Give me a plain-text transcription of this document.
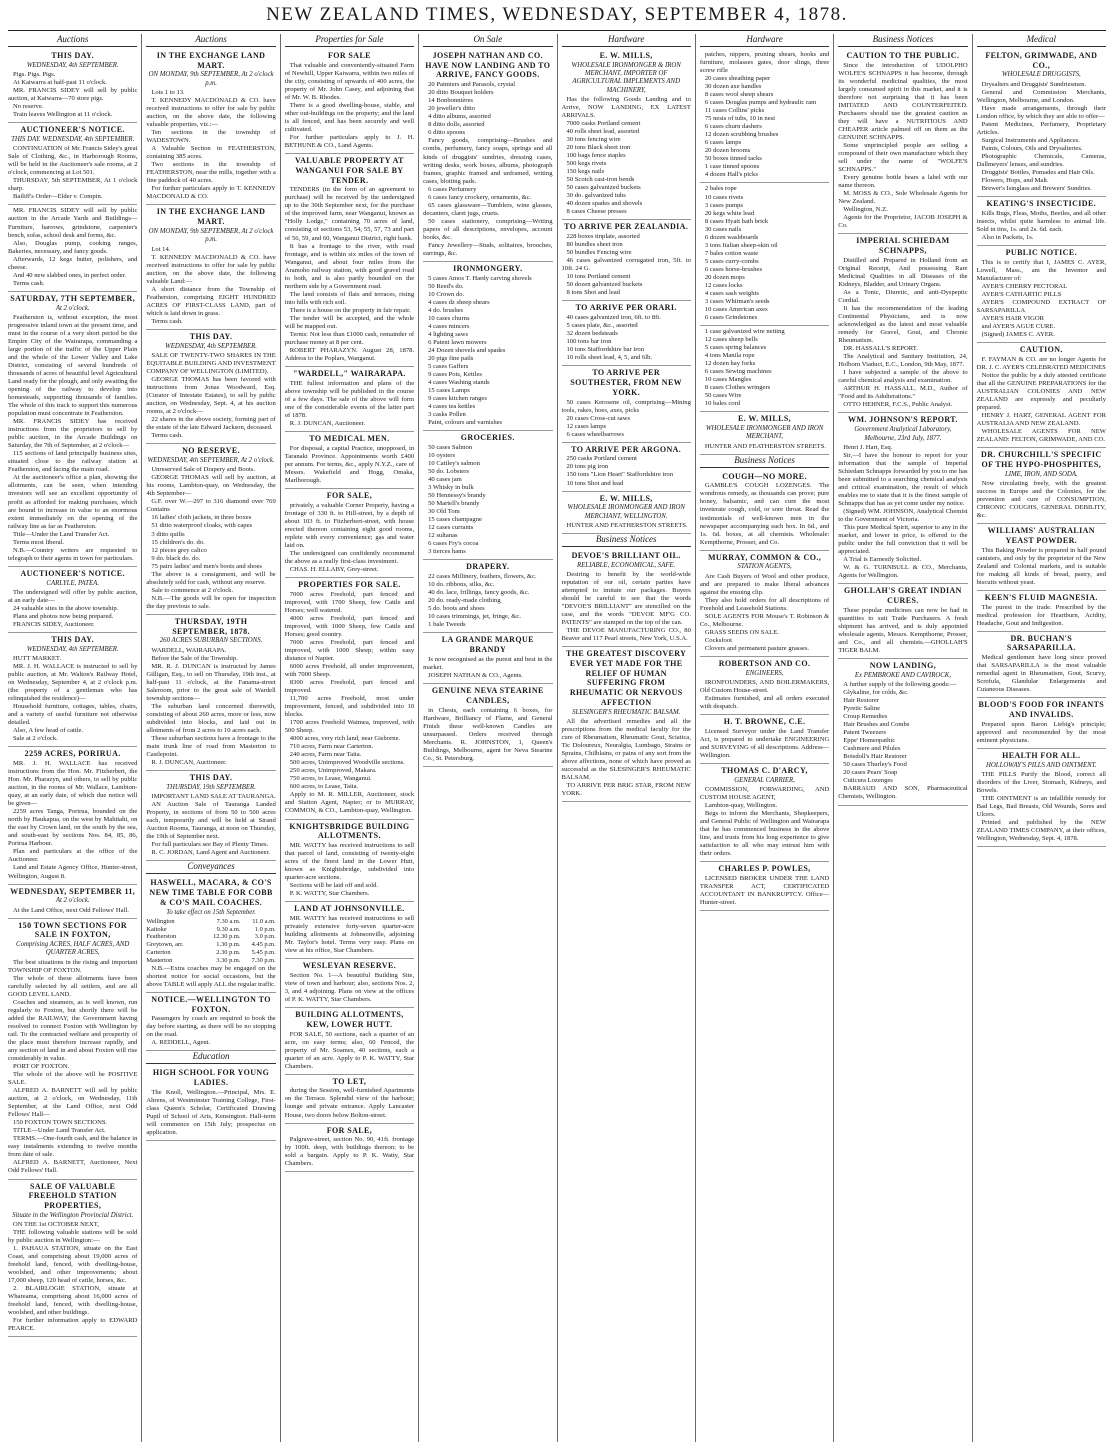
NEW ZEALAND TIMES, WEDNESDAY, SEPTEMBER 4, 1878.
Auctions
THIS DAY.
WEDNESDAY, 4th SEPTEMBER.

Pigs. Pigs. Pigs.

At Kaiwarra at half-past 11 o'clock.

MR. FRANCIS SIDEY will sell by public auction, at Kaiwarra—70 store pigs.

No reserve.

Train leaves Wellington at 11 o'clock.

AUCTIONEER'S NOTICE.
THIS DAY. WEDNESDAY, 4th SEPTEMBER.

CONTINUATION of Mr. Francis Sidey's great Sale of Clothing, &c., in Harborough Rooms, will be held in the Auctioneer's sale rooms, at 2 o'clock, commencing at Lot 501.

THURSDAY, 5th SEPTEMBER, At 1 o'clock sharp.

Bailiff's Order—Elder v. Compin.

MR. FRANCIS SIDEY will sell by public auction in the Arcade Yards and Buildings— Furniture, harrows, grindstone, carpenter's bench, sofas, school desk and forms, &c.

Also, Douglas pump, cooking ranges, Bakeries, necessary, and fancy goods.

Afterwards, 12 kegs butter, polishers, and cheese.

And 40 new slabbed ones, in perfect order.

Terms cash.

SATURDAY, 7TH SEPTEMBER,
At 2 o'clock.

Featherston is, without exception, the most progressive inland town at the present time, and must in the course of a very short period be the Empire City of the Wairarapa, commanding a large portion of the traffic of the Upper Plain and the whole of the Lower Valley and Lake District, consisting of several hundreds of thousands of acres of beautiful level Agricultural Land ready for the plough, and only awaiting the opening of the railway to develop into homesteads, supporting thousands of families. The whole of this track to support this numerous population must concentrate in Featherston.

MR. FRANCIS SIDEY has received instructions from the proprietors to sell by public auction, in the Arcade Buildings on Saturday, the 7th of September, at 2 o'clock—

115 sections of land principally business sites, situated close to the railway station at Featherston, and facing the main road.

At the auctioneer's office a plan, showing the allotments, can be seen, when intending investors will see an excellent opportunity of profit as afforded for making purchases, which are bound to increase in value to an enormous extent immediately on the opening of the railway line as far as Featherston.

Title—Under the Land Transfer Act.

Terms most liberal.

N.B.—Country writers are requested to telegraph to their agents in town for particulars.

AUCTIONEER'S NOTICE.
CARLYLE, PATEA.

The undersigned will offer by public auction, at an early date—

24 valuable sites in the above township.

Plans and photos now being prepared.

FRANCIS SIDEY, Auctioneer.

THIS DAY.
WEDNESDAY, 4th SEPTEMBER.

HUTT MARKET.

MR. J. H. WALLACE is instructed to sell by public auction, at Mr. Walton's Railway Hotel, on Wednesday, September 4, at 2 o'clock p.m. (the property of a gentleman who has relinquished the residence)—

Household furniture, cottages, tables, chairs, and a variety of useful furniture not otherwise detailed.

Also, A few head of cattle.

Sale at 2 o'clock.

2259 ACRES, PORIRUA.

MR. J. H. WALLACE has received instructions from the Hon. Mr. Fitzherbert, the Hon. Mr. Pharazyn, and others, to sell by public auction, in the rooms of Mr. Wallace, Lambton-quay, at an early date, of which due notice will be given—

2259 acres Tanga, Porirua, bounded on the north by Haukapua, on the west by Mahitahi, on the east by Crown land, on the south by the sea, and south-east by sections Nos. 84, 85, 86, Porirua Harbour.

Plan and particulars at the office of the Auctioneer.

Land and Estate Agency Office, Hunter-street, Wellington, August 8.

WEDNESDAY, SEPTEMBER 11,
At 2 o'clock.

At the Land Office, next Odd Fellows' Hall.

150 TOWN SECTIONS FOR SALE IN FOXTON,
Comprising ACRES, HALF ACRES, AND QUARTER ACRES,

The best situations in the rising and important TOWNSHIP OF FOXTON.

The whole of these allotments have been carefully selected by all settlers, and are all GOOD LEVEL LAND.

Coaches and steamers, as is well known, run regularly to Foxton, but shortly there will be added the RAILWAY, the Government having resolved to connect Foxton with Wellington by rail. To the contracted welfare and prosperity of the place must therefore increase rapidly, and any section of land in and about Foxton will rise considerably in value.

PORT OF FOXTON.

The whole of the above will be POSITIVE SALE.

ALFRED A. BARNETT will sell by public auction, at 2 o'clock, on Wednesday, 11th September, at the Land Office, next Odd Fellows' Hall—

150 FOXTON TOWN SECTIONS.

TITLE—Under Land Transfer Act.

TERMS.—One-fourth cash, and the balance in easy instalments extending to twelve months from date of sale.

ALFRED A. BARNETT, Auctioneer, Next Odd Fellows' Hall.

SALE OF VALUABLE FREEHOLD STATION PROPERTIES,
Situate in the Wellington Provincial District.

ON THE 1st OCTOBER NEXT,

THE following valuable stations will be sold by public auction in Wellington:—

1. PAHAUA STATION, situate on the East Coast, and comprising about 19,000 acres of freehold land, fenced, with dwelling-house, woolshed, and other improvements; about 17,000 sheep, 120 head of cattle, horses, &c.

2. BLAIRLOGIE STATION, situate at Whareama, comprising about 16,000 acres of freehold land, fenced, with dwelling-house, woolshed, and other buildings.

For further information apply to EDWARD PEARCE.

Auctions
IN THE EXCHANGE LAND MART.
ON MONDAY, 9th SEPTEMBER, At 2 o'clock p.m.

Lots 1 to 13.

T. KENNEDY MACDONALD & CO. have received instructions to offer for sale by public auction, on the above date, the following valuable properties, viz.:—

Ten sections in the township of WADESTOWN.

A Valuable Section in FEATHERSTON, containing 385 acres.

Two sections in the township of FEATHERSTON, near the mills, together with a fine paddock of 40 acres.

For further particulars apply to T. KENNEDY MACDONALD & CO.

IN THE EXCHANGE LAND MART.
ON MONDAY, 9th SEPTEMBER, At 2 o'clock p.m.

Lot 14.

T. KENNEDY MACDONALD & CO. have received instructions to offer for sale by public auction, on the above date, the following valuable Land:—

A short distance from the Township of Featherston, comprising EIGHT HUNDRED ACRES OF FIRST-CLASS LAND, part of which is laid down in grass.

Terms cash.

THIS DAY.
WEDNESDAY, 4th SEPTEMBER.

SALE OF TWENTY-TWO SHARES IN THE EQUITABLE BUILDING AND INVESTMENT COMPANY OF WELLINGTON (LIMITED).

GEORGE THOMAS has been favored with instructions from Jonas Woodward, Esq. (Curator of Intestate Estates), to sell by public auction, on Wednesday, Sept. 4, at his auction rooms, at 2 o'clock—

22 shares in the above society, forming part of the estate of the late Edward Jackson, deceased.

Terms cash.

NO RESERVE.
WEDNESDAY, 4th SEPTEMBER, At 2 o'clock.

Unreserved Sale of Drapery and Boots.

GEORGE THOMAS will sell by auction, at his rooms, Lambton-quay, on Wednesday, the 4th September—

G.F. over W.—297 to 316 diamond over 769 Contains

16 ladies' cloth jackets, in three boxes

51 ditto waterproof cloaks, with capes

3 ditto quilts

15 children's do. do.

12 pieces grey calico

9 do. black do. do.

75 pairs ladies' and men's boots and shoes

The above is a consignment, and will be absolutely sold for cash, without any reserve.

Sale to commence at 2 o'clock.

N.B.—The goods will be open for inspection the day previous to sale.

THURSDAY, 19TH SEPTEMBER, 1878.
260 ACRES SUBURBAN SECTIONS.

WARDELL, WAIRARAPA.

Before the Sale of the Township.

MR. R. J. DUNCAN is instructed by James Gilligan, Esq., to sell on Thursday, 19th inst., at half-past 11 o'clock, at the Fanama-street Saleroom, prior to the great sale of Wardell township sections—

The suburban land concerned therewith, consisting of about 260 acres, more or less, now subdivided into blocks, and laid out in allotments of from 2 acres to 10 acres each.

These suburban sections have a frontage to the main trunk line of road from Masterton to Castlepoint.

R. J. DUNCAN, Auctioneer.

THIS DAY.
THURSDAY, 19th SEPTEMBER.

IMPORTANT LAND SALE AT TAURANGA.

AN Auction Sale of Tauranga Landed Property, in sections of from 50 to 500 acres each, temporarily and will be held at Strand Auction Rooms, Tauranga, at noon on Thursday, the 19th of September next.

For full particulars see Bay of Plenty Times.

R. C. JORDAN, Land Agent and Auctioneer.

Conveyances
HASWELL, MACARA, & CO'S NEW TIME TABLE FOR COBB & CO'S MAIL COACHES.
To take effect on 15th September.
Wellington	7.30 a.m.	11.0 a.m.
Kaitoke	9.30 a.m.	1.0 p.m.
Featherston	12.30 p.m.	3.0 p.m.
Greytown, arr.	1.30 p.m.	4.45 p.m.
Carterton	2.30 p.m.	5.45 p.m.
Masterton	3.30 p.m.	7.30 p.m.

N.B.—Extra coaches may be engaged on the shortest notice for social occasions, but the above TABLE will apply ALL the regular traffic.

NOTICE.—WELLINGTON TO FOXTON.

Passengers by coach are required to book the day before starting, as there will be no stopping on the road.

A. REDDELL, Agent.

Education
HIGH SCHOOL FOR YOUNG LADIES.

The Knoll, Wellington.—Principal, Mrs. E. Ahrens, of Westminster Training College, First-class Queen's Scholar, Certificated Drawing Pupil of School of Arts, Kensington. Half-term will commence on 15th July; prospectus on application.

Properties for Sale
FOR SALE

That valuable and conveniently-situated Farm of Newhill, Upper Kaiwarra, within two miles of the city, consisting of upwards of 400 acres, the property of Mr. John Casey, and adjoining that of Mr. W. B. Rhodes.

There is a good dwelling-house, stable, and other out-buildings on the property; and the land is all fenced, and has been securely and well cultivated.

For further particulars apply to J. H. BETHUNE & CO., Land Agents.

VALUABLE PROPERTY AT WANGANUI FOR SALE BY TENDER.

TENDERS (in the form of an agreement to purchase) will be received by the undersigned up to the 30th September next, for the purchase of the improved farm, near Wanganui, known as "Holly Lodge," containing 70 acres of land, consisting of sections 53, 54, 55, 57, 73 and part of 56, 59, and 60, Wanganui District, right bank.

It has a frontage to the river, with road frontage, and is within six miles of the town of Wanganui, and about four miles from the Aramoho railway station, with good gravel road to both, and is also partly bounded on the northern side by a Government road.

The land consists of flats and terraces, rising into hills with rich soil.

There is a house on the property in fair repair.

The tender will be accepted, and the whole will be mapped out.

Terms: Not less than £1000 cash, remainder of purchase money at 8 per cent.

ROBERT PHARAZYN. August 28, 1878. Address to the Poplars, Wanganui.

"WARDELL," WAIRARAPA.

THE fullest information and plans of the above township will be published in the course of a few days. The sale of the above will form one of the considerable events of the latter part of 1878.

R. J. DUNCAN, Auctioneer.

TO MEDICAL MEN.

For disposal, a capital Practice, unopposed, in Taranaki Province. Appointments worth £400 per annum. For terms, &c., apply N.Y.Z., care of Messrs. Wakefield and Hogg, Omaka, Marlborough.

FOR SALE,

privately, a valuable Corner Property, having a frontage of 330 ft. to Hill-street, by a depth of about 103 ft. to Fitzherbert-street, with house erected thereon containing eight good rooms, replete with every convenience; gas and water laid on.

The undersigned can confidently recommend the above as a really first-class investment.

CHAS. H. ELLABY, Grey-street.

PROPERTIES FOR SALE.

7000 acres Freehold, part fenced and improved, with 1700 Sheep, few Cattle and Horses; well watered.

4000 acres Freehold, part fenced and improved, with 1000 Sheep, few Cattle and Horses; good country.

7000 acres Freehold, part fenced and improved, with 1000 Sheep; within easy distance of Napier.

6000 acres Freehold, all under improvement, with 7000 Sheep.

8300 acres Freehold, part fenced and improved.

11,700 acres Freehold, most under improvement, fenced, and subdivided into 10 blocks.

1700 acres Freehold Waimea, improved, with 500 Sheep.

4000 acres, very rich land, near Gisborne.

710 acres, Farm near Carterton.

240 acres, Farm near Taita.

500 acres, Unimproved Woodville sections.

250 acres, Unimproved, Makara.

750 acres, to Lease, Wanganui.

600 acres, to Lease, Taita.

Apply to M. R. MILLER, Auctioneer, stock and Station Agent, Napier; or to MURRAY, COMMON, & CO., Lambton-quay, Wellington.

KNIGHTSBRIDGE BUILDING ALLOTMENTS.

MR. WATTY has received instructions to sell that parcel of land, consisting of twenty-eight acres of the finest land in the Lower Hutt, known as Knightsbridge, subdivided into quarter-acre sections.

Sections will be laid off and sold.

P. K. WATTY, Star Chambers.

LAND AT JOHNSONVILLE.

MR. WATTY has received instructions to sell privately extensive forty-seven quarter-acre building allotments at Johnsonville, adjoining Mr. Taylor's hotel. Terms very easy. Plans on view at his office, Star Chambers.

WESLEYAN RESERVE.

Section No. 1—A beautiful Building Site, view of town and harbour; also, sections Nos. 2, 3, and 4 adjoining. Plans on view at the offices of P. K. WATTY, Star Chambers.

BUILDING ALLOTMENTS, KEW, LOWER HUTT.

FOR SALE, 50 sections, each a quarter of an acre, on easy terms; also, 60 Fenced, the property of Mr. Soames, 40 sections, each a quarter of an acre. Apply to P. K. WATTY, Star Chambers.

TO LET,

during the Session, well-furnished Apartments on the Terrace. Splendid view of the harbour; lounge and private entrance. Apply Lancaster House, two doors below Bolton-street.

FOR SALE,

Palgrave-street, section No. 90, 41ft. frontage by 100ft. deep, with buildings thereon; to be sold a bargain. Apply to P. K. Watty, Star Chambers.

On Sale
JOSEPH NATHAN AND CO. HAVE NOW LANDING AND TO ARRIVE, FANCY GOODS.

20 Paimiers and Parasols, crystal

20 ditto Bouquet holders

14 Bonbonnières

20 jeweller's ditto

4 ditto albums, assorted

8 ditto dolls, assorted

6 ditto spoons

Fancy goods, comprising—Brushes and combs, perfumery, fancy soaps, springs and all kinds of druggists' sundries, dressing cases, writing desks, work boxes, albums, photograph frames, graphic framed and unframed, writing cases, blotting pads.

6 cases Perfumery

6 cases fancy crockery, ornaments, &c.

65 cases glassware—Tumblers, wine glasses, decanters, claret jugs, cruets.

50 cases stationery, comprising—Writing papers of all descriptions, envelopes, account books, &c.

Fancy Jewellery—Studs, solitaires, brooches, earrings, &c.

IRONMONGERY.

5 cases Amos T. Hardy carving shovels

50 Reed's do.

10 Crown do.

4 cases dz sheep shears

4 do. brushes

10 cases churns

4 cases mincers

4 lighting saws

6 Patent lawn mowers

24 Dozen shovels and spades

20 pigs fine pails

5 cases Gaffers

9 cases Pots, Kettles

4 cases Washing stands

15 cases Lamps

9 cases kitchen ranges

4 cases tea kettles

3 casks Pollen

Paint, colours and varnishes

GROCERIES.

50 cases Salmon

10 oysters

10 Cattley's salmon

50 do. Lobsters

40 cases jam

3 Whisky in bulk

50 Hennessy's brandy

50 Martell's brandy

30 Old Tom

15 cases champagne

12 cases currants

12 sultanas

6 cases Fry's cocoa

3 tierces hams

DRAPERY.

22 cases Millinery, feathers, flowers, &c.

10 do. ribbons, silks, &c.

40 do. lace, frillings, fancy goods, &c.

20 do. ready-made clothing

5 do. boots and shoes

10 cases trimmings, jet, fringe, &c.

1 bale Tweeds

LA GRANDE MARQUE BRANDY

Is now recognised as the purest and best in the market.

JOSEPH NATHAN & CO., Agents.

GENUINE NEVA STEARINE CANDLES,

in Chests, each containing 6 boxes, for Hardware, Brilliancy of Flame, and General Finish these well-known Candles are unsurpassed. Orders received through Merchants. R. JOHNSTON, 1, Queen's Buildings, Melbourne, agent for Neva Stearine Co., St. Petersburg.

Hardware
E. W. MILLS,
WHOLESALE IRONMONGER & IRON MERCHANT, IMPORTER OF AGRICULTURAL IMPLEMENTS AND MACHINERY,

Has the following Goods Landing and to Arrive, NOW LANDING, EX LATEST ARRIVALS.

7000 casks Portland cement

40 rolls sheet lead, assorted

30 tons fencing wire

20 tons Black sheet iron

100 bags fence staples

500 kegs rivets

150 kegs nails

50 Scotch cast-iron bends

50 cases galvanized buckets

30 do. galvanized tubs

40 dozen spades and shovels

8 cases Cheese presses

TO ARRIVE PER ZEALANDIA.

228 boxes tinplate, assorted

80 bundles sheet iron

50 bundles Fencing wire

46 cases galvanized corrugated iron, 5ft. to 10ft. 24 G.

10 tons Portland cement

50 dozen galvanized buckets

8 tons Shot and lead

TO ARRIVE PER ORARI.

40 cases galvanized iron, 6ft. to 8ft.

5 cases plate, &c., assorted

32 dozen bedsteads

100 tons bar iron

10 tons Staffordshire bar iron

10 rolls sheet lead, 4, 5, and 6lb.

TO ARRIVE PER SOUTHESTER, FROM NEW YORK.

50 cases Kerosene oil, comprising—Mining tools, rakes, hoes, axes, picks

20 cases Cross-cut saws

12 cases lamps

6 cases wheelbarrows

TO ARRIVE PER ARGONA.

250 casks Portland cement

20 tons pig iron

150 tons "Lion Heart" Staffordshire iron

10 tons Shot and lead

E. W. MILLS,
WHOLESALE IRONMONGER AND IRON MERCHANT, WELLINGTON.

HUNTER AND FEATHERSTON STREETS.

Business Notices
DEVOE'S BRILLIANT OIL.
RELIABLE, ECONOMICAL, SAFE.

Desiring to benefit by the world-wide reputation of our oil, certain parties have attempted to imitate our packages. Buyers should be careful to see that the words "DEVOE'S BRILLIANT" are stencilled on the case, and the words "DEVOE MF'G CO. PATENTS" are stamped on the top of the can.

THE DEVOE MANUFACTURING CO., 80 Beaver and 117 Pearl streets, New York, U.S.A.

THE GREATEST DISCOVERY EVER YET MADE FOR THE RELIEF OF HUMAN SUFFERING FROM RHEUMATIC OR NERVOUS AFFECTION
SLESINGER'S RHEUMATIC BALSAM.

All the advertised remedies and all the prescriptions from the medical faculty for the cure of Rheumatism, Rheumatic Gout, Sciatica, Tic Doloureux, Neuralgia, Lumbago, Strains or Sprains, Chilblains, or pains of any sort from the above affections, none of which have proved as successful as the SLESINGER'S RHEUMATIC BALSAM.

TO ARRIVE PER BRIG STAR, FROM NEW YORK.

Hardware

patches, nippers, pruning shears, hooks and furniture, molasses gates, door slings, three screw rifle

20 cases sheathing paper

30 dozen axe handles

8 cases wool sheep shears

6 cases Douglas pumps and hydraulic ram

11 cases Collins' picks

75 nests of tubs, 10 in nest

6 cases churn dashers

12 dozen scrubbing brushes

6 cases lamps

20 dozen brooms

50 boxes tinned tacks

1 case tinned spoons

4 dozen Hall's picks

2 bales rope

10 cases rivets

3 cases pumps

20 kegs white lead

8 cases Hyatt bath brick

30 cases nails

6 dozen washboards

3 tons Italian sheep-skin oil

7 bales cotton waste

5 cases curry-combs

6 cases horse-brushes

20 dozen mops

12 cases locks

4 cases sash weights

3 cases Whitman's seeds

10 cases American axes

6 cases Grindstones

1 case galvanized wire netting

12 cases sheep bells

5 cases spring balances

4 tons Manila rope

12 dozen hay forks

6 cases Sewing machines

10 cases Mangles

8 cases Clothes wringers

50 cases Wire

10 bales cord

E. W. MILLS,
WHOLESALE IRONMONGER AND IRON MERCHANT,

HUNTER AND FEATHERSTON STREETS.

Business Notices
COUGH—NO MORE.

GAMBLE'S COUGH LOZENGES. The wondrous remedy, as thousands can prove; pure honey, balsamic, and can cure the most inveterate cough, cold, or sore throat. Read the testimonials of well-known men in the newspaper accompanying each box. In 6d., and 1s. 6d. boxes, at all chemists. Wholesale: Kempthorne, Prosser, and Co.

MURRAY, COMMON & CO.,
STATION AGENTS,

Are Cash Buyers of Wool and other produce, and are prepared to make liberal advances against the ensuing clip.

They also hold orders for all descriptions of Freehold and Leasehold Stations.

SOLE AGENTS FOR Mouse's T. Robinson & Co., Melbourne.

GRASS SEEDS ON SALE.

Cocksfoot

Clovers and permanent pasture grasses.

ROBERTSON AND CO.
ENGINEERS,

IRONFOUNDERS, AND BOILERMAKERS, Old Custom House-street.

Estimates furnished, and all orders executed with despatch.

H. T. BROWNE, C.E.

Licensed Surveyor under the Land Transfer Act, is prepared to undertake ENGINEERING and SURVEYING of all descriptions. Address—Wellington.

THOMAS C. D'ARCY,
GENERAL CARRIER,

COMMISSION, FORWARDING, AND CUSTOM HOUSE AGENT,

Lambton-quay, Wellington.

Begs to inform the Merchants, Shopkeepers, and General Public of Wellington and Wairarapa that he has commenced business in the above line, and trusts from his long experience to give satisfaction to all who may entrust him with their orders.

CHARLES P. POWLES,

LICENSED BROKER UNDER THE LAND TRANSFER ACT, CERTIFICATED ACCOUNTANT IN BANKRUPTCY. Office—Hunter-street.

Business Notices
CAUTION TO THE PUBLIC.

Since the introduction of UDOLPHO WOLFE'S SCHNAPPS it has become, through its wonderful medicinal qualities, the most largely consumed spirit in this market, and it is therefore not surprising that it has been IMITATED AND COUNTERFEITED. Purchasers should use the greatest caution as they will have a NUTRITIOUS AND CHEAPER article palmed off on them as the GENUINE SCHNAPPS.

Some unprincipled people are selling a compound of their own manufacture which they sell under the name of "WOLFE'S SCHNAPPS."

Every genuine bottle bears a label with our name thereon.

M. MOSS & CO., Sole Wholesale Agents for New Zealand.

Wellington, N.Z.

Agents for the Proprietor, JACOB JOSEPH & Co.

IMPERIAL SCHIEDAM SCHNAPPS,

Distilled and Prepared in Holland from an Original Receipt, And possessing Rare Medicinal Qualities in all Diseases of the Kidneys, Bladder, and Urinary Organs.

As a Tonic, Diuretic, and anti-Dyspeptic Cordial.

It has the recommendation of the leading Continental Physicians, and is now acknowledged as the latest and most valuable remedy for Gravel, Gout, and Chronic Rheumatism.

DR. HASSALL'S REPORT.

The Analytical and Sanitary Institution, 24, Holborn Viaduct, E.C., London, 9th May, 1877.

I have subjected a sample of the above to careful chemical analysis and examination.

ARTHUR H. HASSALL, M.D., Author of "Food and its Adulterations."

OTTO HEHNER, F.C.S., Public Analyst.

WM. JOHNSON'S REPORT.
Government Analytical Laboratory, Melbourne, 23rd July, 1877.

Henri J. Hart, Esq.

Sir,—I have the honour to report for your information that the sample of Imperial Schiedam Schnapps forwarded by you to me has been submitted to a searching chemical analysis and critical examination, the result of which enables me to state that it is the finest sample of Schnapps that has as yet come under my notice.

(Signed) WM. JOHNSON, Analytical Chemist to the Government of Victoria.

This pure Medical Spirit, superior to any in the market, and lower in price, is offered to the public under the full conviction that it will be appreciated.

A Trial is Earnestly Solicited.

W. & G. TURNBULL & CO., Merchants, Agents for Wellington.

GHOLLAH'S GREAT INDIAN CURES.

These popular medicines can now be had in quantities to suit Trade Purchasers. A fresh shipment has arrived, and is duly appointed wholesale agents, Messrs. Kempthorne, Prosser, and Co., and all chemists.—GHOLLAH'S TIGER BALM.

NOW LANDING,
Ex PEMBROKE AND CAVIROCK,

A further supply of the following goods:—

Glykaline, for colds, &c.

Hair Restorer

Pyretic Saline

Croup Remedies

Hair Brushes and Combs

Patent Tweezers

Eppe' Homeopathic

Cashmere and Pilules

Boisdoll's Hair Restorer

50 cases Thurley's Food

20 cases Pears' Soap

Cuticura Lozenges

BARRAUD AND SON, Pharmaceutical Chemists, Wellington.

Medical
FELTON, GRIMWADE, AND CO.,
WHOLESALE DRUGGISTS,

Drysalters and Druggists' Sundriesmen.

General and Commission Merchants, Wellington, Melbourne, and London.

Have made arrangements, through their London office, by which they are able to offer—

Patent Medicines, Perfumery, Proprietary Articles.

Surgical Instruments and Appliances.

Paints, Colours, Oils and Drysalteries.

Photographic Chemicals, Cameras, Dallmeyers' lenses, and sundries.

Druggists' Bottles, Pomades and Hair Oils.

Flowers, Hops, and Malt.

Brewer's Isinglass and Brewers' Sundries.

KEATING'S INSECTICIDE.

Kills Bugs, Fleas, Moths, Beetles, and all other insects, whilst quite harmless to animal life. Sold in tins, 1s. and 2s. 6d. each.

Also in Packets, 1s.

PUBLIC NOTICE.

This is to certify that I, JAMES C. AYER, Lowell, Mass., am the Inventor and Manufacturer of:

AYER'S CHERRY PECTORAL

AYER'S CATHARTIC PILLS

AYER'S COMPOUND EXTRACT OF SARSAPARILLA

AYER'S HAIR VIGOR

and AYER'S AGUE CURE.

(Signed) JAMES C. AYER.

CAUTION.

F. FAYMAN & CO. are no longer Agents for DR. J. C. AYER'S CELEBRATED MEDICINES

Notice the public by a duly attested certificate that all the GENUINE PREPARATIONS for the AUSTRALIAN COLONIES AND NEW ZEALAND are expressly and peculiarly prepared.

HENRY J. HART, GENERAL AGENT FOR AUSTRALIA AND NEW ZEALAND.

WHOLESALE AGENTS FOR NEW ZEALAND: FELTON, GRIMWADE, AND CO.

DR. CHURCHILL'S SPECIFIC OF THE HYPO-PHOSPHITES,
LIME, IRON, AND SODA.

Now circulating freely, with the greatest success in Europe and the Colonies, for the prevention and cure of CONSUMPTION, CHRONIC COUGHS, GENERAL DEBILITY, &c.

WILLIAMS' AUSTRALIAN YEAST POWDER.

This Baking Powder is prepared in half pound canisters, and only by the proprietor of the New Zealand and Colonial markets, and is suitable for making all kinds of bread, pastry, and biscuits without yeast.

KEEN'S FLUID MAGNESIA.

The purest in the trade. Prescribed by the medical profession for Heartburn, Acidity, Headache, Gout and Indigestion.

DR. BUCHAN'S SARSAPARILLA.

Medical gentlemen have long since proved that SARSAPARILLA is the most valuable remedial agent in Rheumatism, Gout, Scurvy, Scrofula, Glandular Enlargements and Cutaneous Diseases.

BLOOD'S FOOD FOR INFANTS AND INVALIDS.

Prepared upon Baron Liebig's principle; approved and recommended by the most eminent physicians.

HEALTH FOR ALL.
HOLLOWAY'S PILLS AND OINTMENT.

THE PILLS Purify the Blood, correct all disorders of the Liver, Stomach, Kidneys, and Bowels.

THE OINTMENT is an infallible remedy for Bad Legs, Bad Breasts, Old Wounds, Sores and Ulcers.

Printed and published by the NEW ZEALAND TIMES COMPANY, at their offices, Wellington, Wednesday, Sept. 4, 1878.
